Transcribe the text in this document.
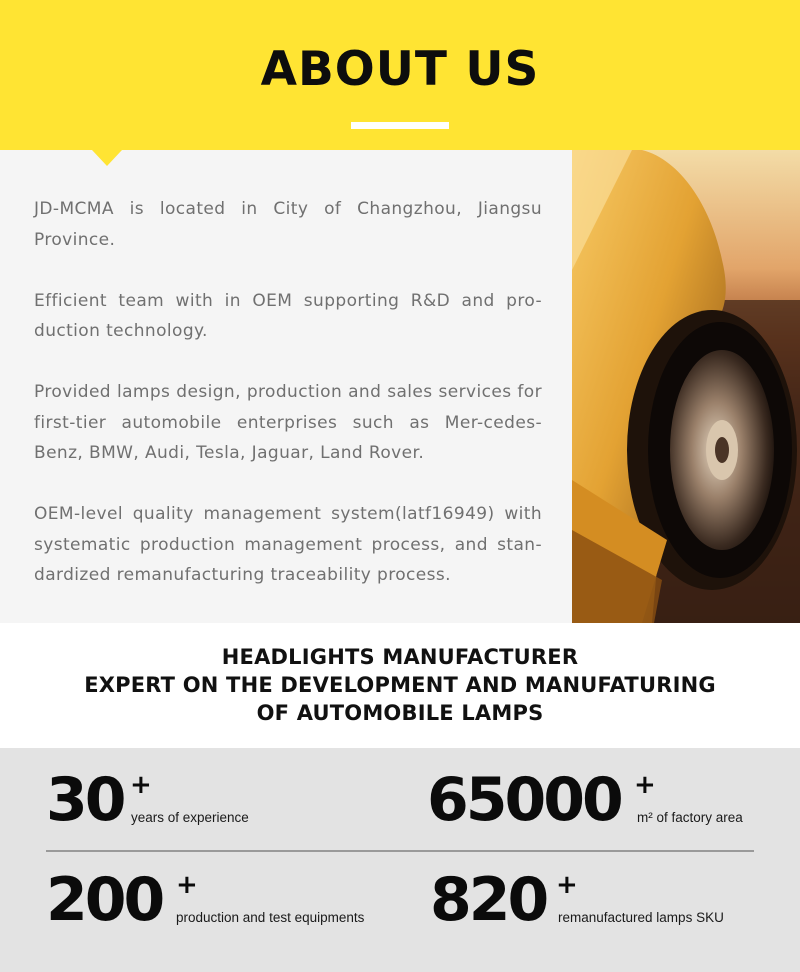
ABOUT US

JD-MCMA is located in City of Changzhou, Jiangsu Province.

Efficient team with in OEM supporting R&D and pro-duction technology.

Provided lamps design, production and sales services for first-tier automobile enterprises such as Mer-cedes-Benz, BMW, Audi, Tesla, Jaguar, Land Rover.

OEM-level quality management system(latf16949) with systematic production management process, and stan-dardized remanufacturing traceability process.

HEADLIGHTS MANUFACTURER
EXPERT ON THE DEVELOPMENT AND MANUFATURING
OF AUTOMOBILE LAMPS
30 +
years of experience	65000 +
m² of factory area
200 +
production and test equipments 820 +
remanufactured lamps SKU
